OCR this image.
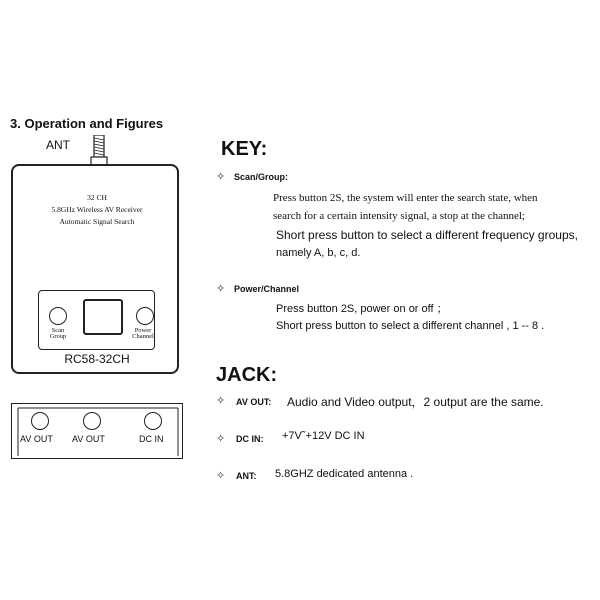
3. Operation and Figures
ANT
32 CH
5.8GHz Wireless AV Receiver
Automatic Signal Search
Scan
Group
Power
Channel
RC58-32CH
AV OUT AV OUT	DC IN
KEY:
✧ Scan/Group:
Press button 2S, the system will enter the search state, when
search for a certain intensity signal, a stop at the channel;
Short press button to select a different frequency groups,
namely A, b, c, d.
✧ Power/Channel
Press button 2S, power on or off ；
Short press button to select a different channel , 1 -- 8 .
JACK:
✧ AV OUT: Audio and Video output，2 output are the same.
✧ DC IN: +7V˜+12V DC IN
✧ ANT: 5.8GHZ dedicated antenna .
